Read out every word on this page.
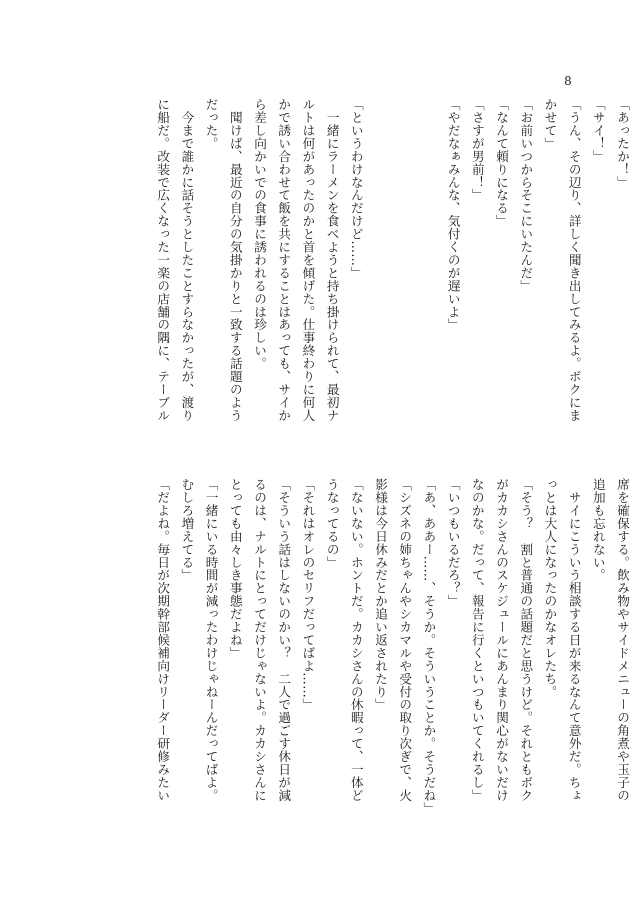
8
「あったか！」
「サイ！」
「うん、その辺り、詳しく聞き出してみるよ。ボクにま
かせて」
「お前いつからそこにいたんだ」
「なんて頼りになる」
「さすが男前！」
「やだなぁみんな、気付くのが遅いよ」

「というわけなんだけど……」
　一緒にラーメンを食べようと持ち掛けられて、最初ナ
ルトは何があったのかと首を傾げた。仕事終わりに何人
かで誘い合わせて飯を共にすることはあっても、サイか
ら差し向かいでの食事に誘われるのは珍しい。
　聞けば、最近の自分の気掛かりと一致する話題のよう
だった。
　今まで誰かに話そうとしたことすらなかったが、渡り
に船だ。改装で広くなった一楽の店舗の隅に、テーブル
席を確保する。飲み物やサイドメニューの角煮や玉子の
追加も忘れない。
　サイにこういう相談する日が来るなんて意外だ。ちょ
っとは大人になったのかなオレたち。
「そう？　割と普通の話題だと思うけど。それともボク
がカカシさんのスケジュールにあんまり関心がないだけ
なのかな。だって、報告に行くといつもいてくれるし」
「いつもいるだろ？」
「あ、ああー……、そうか。そういうことか。そうだね」
「シズネの姉ちゃんやシカマルや受付の取り次ぎで、火
影様は今日休みだとか追い返されたり」
「ないない。ホントだ。カカシさんの休暇って、一体ど
うなってるの」
「それはオレのセリフだってばよ……」
「そういう話はしないのかい？　二人で過ごす休日が減
るのは、ナルトにとってだけじゃないよ。カカシさんに
とっても由々しき事態だよね」
「一緒にいる時間が減ったわけじゃねーんだってばよ。
むしろ増えてる」
「だよね。毎日が次期幹部候補向けリーダー研修みたい
